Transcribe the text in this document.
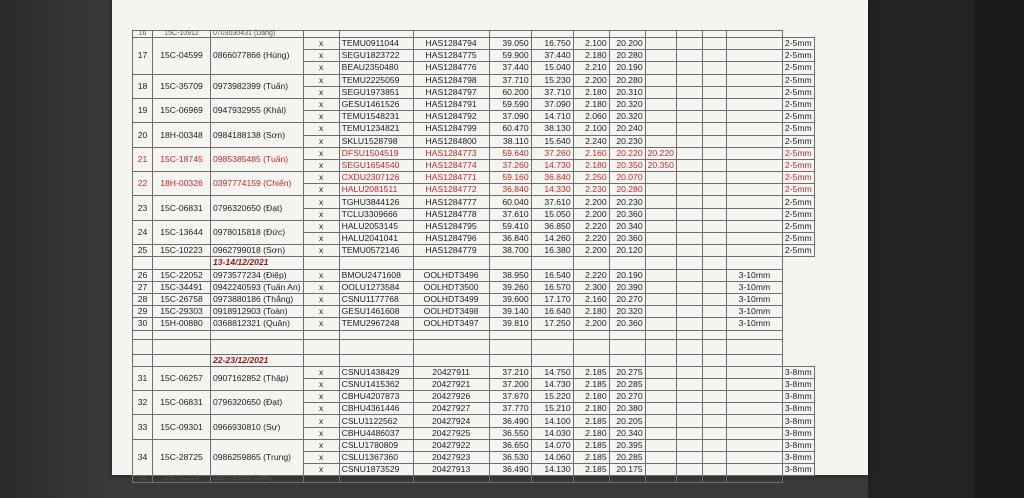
16	15C-10912	0703030431 (Dang)												
17	15C-04599	0866077866 (Hùng)	x	TEMU0911044	HAS1284794	39.050	16.750	2.100	20.200					2-5mm
			x	SEGU1823722	HAS1284775	59.900	37.440	2.180	20.280					2-5mm
			x	BEAU2350480	HAS1284776	37.440	15.040	2.210	20.190					2-5mm
18	15C-35709	0973982399 (Tuấn)	x	TEMU2225059	HAS1284798	37.710	15.230	2.200	20.280					2-5mm
			x	SEGU1973851	HAS1284797	60.200	37.710	2.180	20.310					2-5mm
19	15C-06969	0947932955 (Khải)	x	GESU1461526	HAS1284791	59.590	37.090	2.180	20.320					2-5mm
			x	TEMU1548231	HAS1284792	37.090	14.710	2.060	20.320					2-5mm
20	18H-00348	0984188138 (Sơn)	x	TEMU1234821	HAS1284799	60.470	38.130	2.100	20.240					2-5mm
			x	SKLU1528798	HAS1284800	38.110	15.640	2.240	20.230					2-5mm
21	15C-18745	0985385485 (Tuấn)	x	DFSU1504519	HAS1284773	59.640	37.260	2.160	20.220	20.220				2-5mm
			x	SEGU1654540	HAS1284774	37.260	14.730	2.180	20.350	20.350				2-5mm
22	18H-00326	0397774159 (Chiến)	x	CXDU2307126	HAS1284771	59.160	36.840	2.250	20.070					2-5mm
			x	HALU2081511	HAS1284772	36.840	14.330	2.230	20.280					2-5mm
23	15C-06831	0796320650 (Đạt)	x	TGHU3844126	HAS1284777	60.040	37.610	2.200	20.230					2-5mm
			x	TCLU3309666	HAS1284778	37.610	15.050	2.200	20.360					2-5mm
24	15C-13644	0978015818 (Đức)	x	HALU2053145	HAS1284795	59.410	36.850	2.220	20.340					2-5mm
			x	HALU2041041	HAS1284796	36.840	14.260	2.220	20.360					2-5mm
25	15C-10223	0962799018 (Sơn)	x	TEMU0572146	HAS1284779	38.700	16.380	2.200	20.120					2-5mm
		13-14/12/2021												
26	15C-22052	0973577234 (Điệp)	x	BMOU2471608	OOLHDT3496	38.950	16.540	2.220	20.190				3-10mm	
27	15C-34491	0942240593 (Tuấn An)	x	OOLU1273584	OOLHDT3500	39.260	16.570	2.300	20.390				3-10mm	
28	15C-26758	0973880186 (Thắng)	x	CSNU1177768	OOLHDT3499	39.600	17.170	2.160	20.270				3-10mm	
29	15C-29303	0918912903 (Toàn)	x	GESU1461608	OOLHDT3498	39.140	16.640	2.180	20.320				3-10mm	
30	15H-00880	0368812321 (Quân)	x	TEMU2967248	OOLHDT3497	39.810	17.250	2.200	20.360				3-10mm	

		22-23/12/2021												
31	15C-06257	0907162852 (Thập)	x	CSNU1438429	20427911	37.210	14.750	2.185	20.275					3-8mm
			x	CSNU1415362	20427921	37.200	14.730	2.185	20.285					3-8mm
32	15C-06831	0796320650 (Đạt)	x	CBHU4207873	20427926	37.670	15.220	2.180	20.270					3-8mm
			x	CBHU4361446	20427927	37.770	15.210	2.180	20.380					3-8mm
33	15C-09301	0966930810 (Sự)	x	CSLU1122562	20427924	36.490	14.100	2.185	20.205					3-8mm
			x	CBHU4486037	20427925	36.550	14.030	2.180	20.340					3-8mm
34	15C-28725	0986259865 (Trung)	x	CSLU1780809	20427922	36.650	14.070	2.185	20.395					3-8mm
			x	CSLU1367360	20427923	36.530	14.060	2.185	20.285					3-8mm
			x	CSNU1873529	20427913	36.490	14.130	2.185	20.175					3-8mm
35	15C-10223	0962799018 (Sơn)												
